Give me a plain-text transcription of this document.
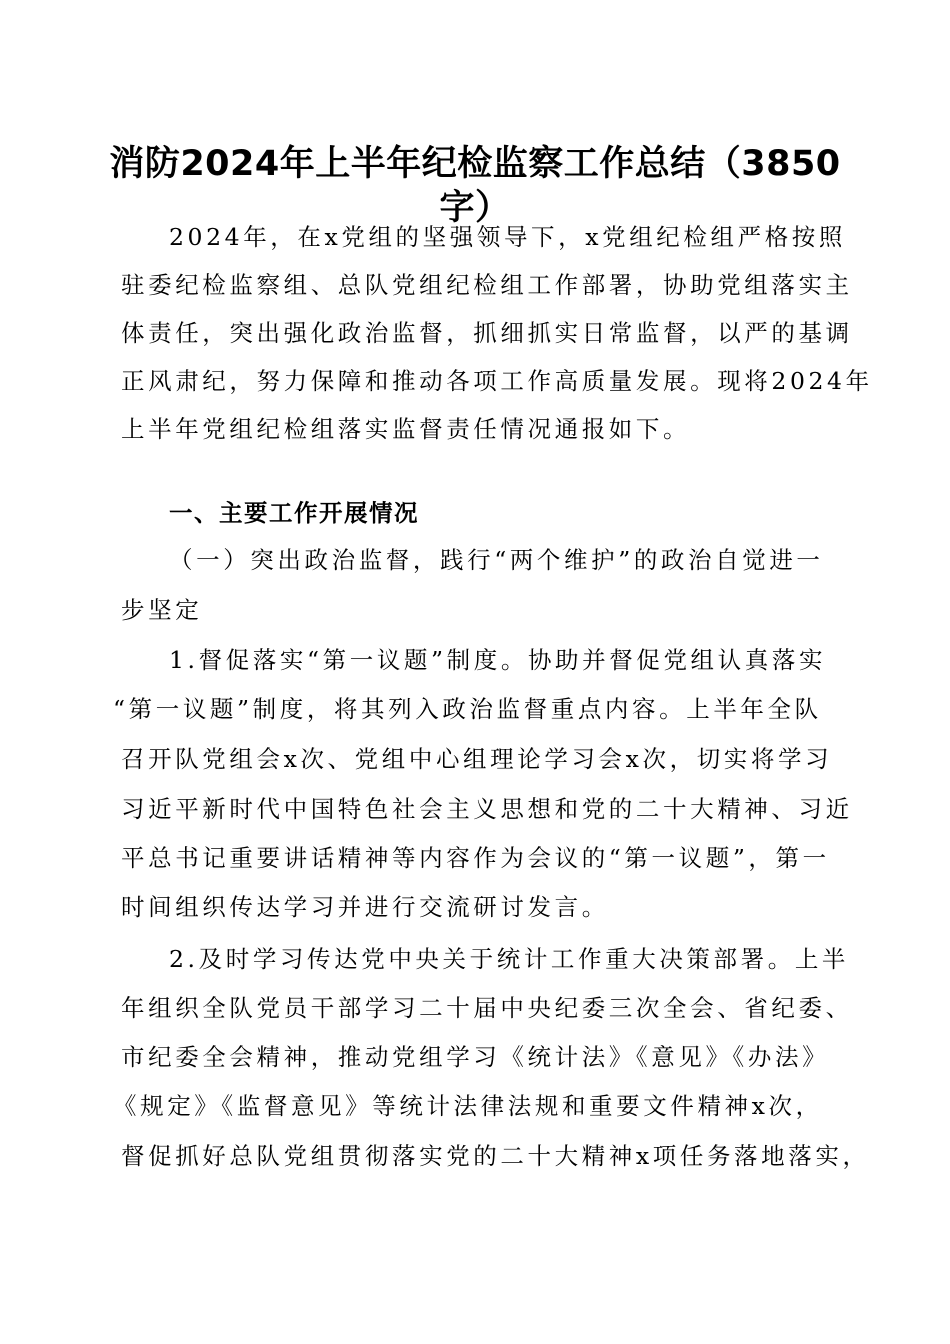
消防2024年上半年纪检监察工作总结（3850
字）
2024年，在x党组的坚强领导下，x党组纪检组严格按照
驻委纪检监察组、总队党组纪检组工作部署，协助党组落实主
体责任，突出强化政治监督，抓细抓实日常监督，以严的基调
正风肃纪，努力保障和推动各项工作高质量发展。现将2024年
上半年党组纪检组落实监督责任情况通报如下。
一、主要工作开展情况
（一）突出政治监督，践行“两个维护”的政治自觉进一
步坚定
1.督促落实“第一议题”制度。协助并督促党组认真落实
“第一议题”制度，将其列入政治监督重点内容。上半年全队
召开队党组会x次、党组中心组理论学习会x次，切实将学习
习近平新时代中国特色社会主义思想和党的二十大精神、习近
平总书记重要讲话精神等内容作为会议的“第一议题”，第一
时间组织传达学习并进行交流研讨发言。
2.及时学习传达党中央关于统计工作重大决策部署。上半
年组织全队党员干部学习二十届中央纪委三次全会、省纪委、
市纪委全会精神，推动党组学习《统计法》《意见》《办法》
《规定》《监督意见》等统计法律法规和重要文件精神x次，
督促抓好总队党组贯彻落实党的二十大精神x项任务落地落实，
